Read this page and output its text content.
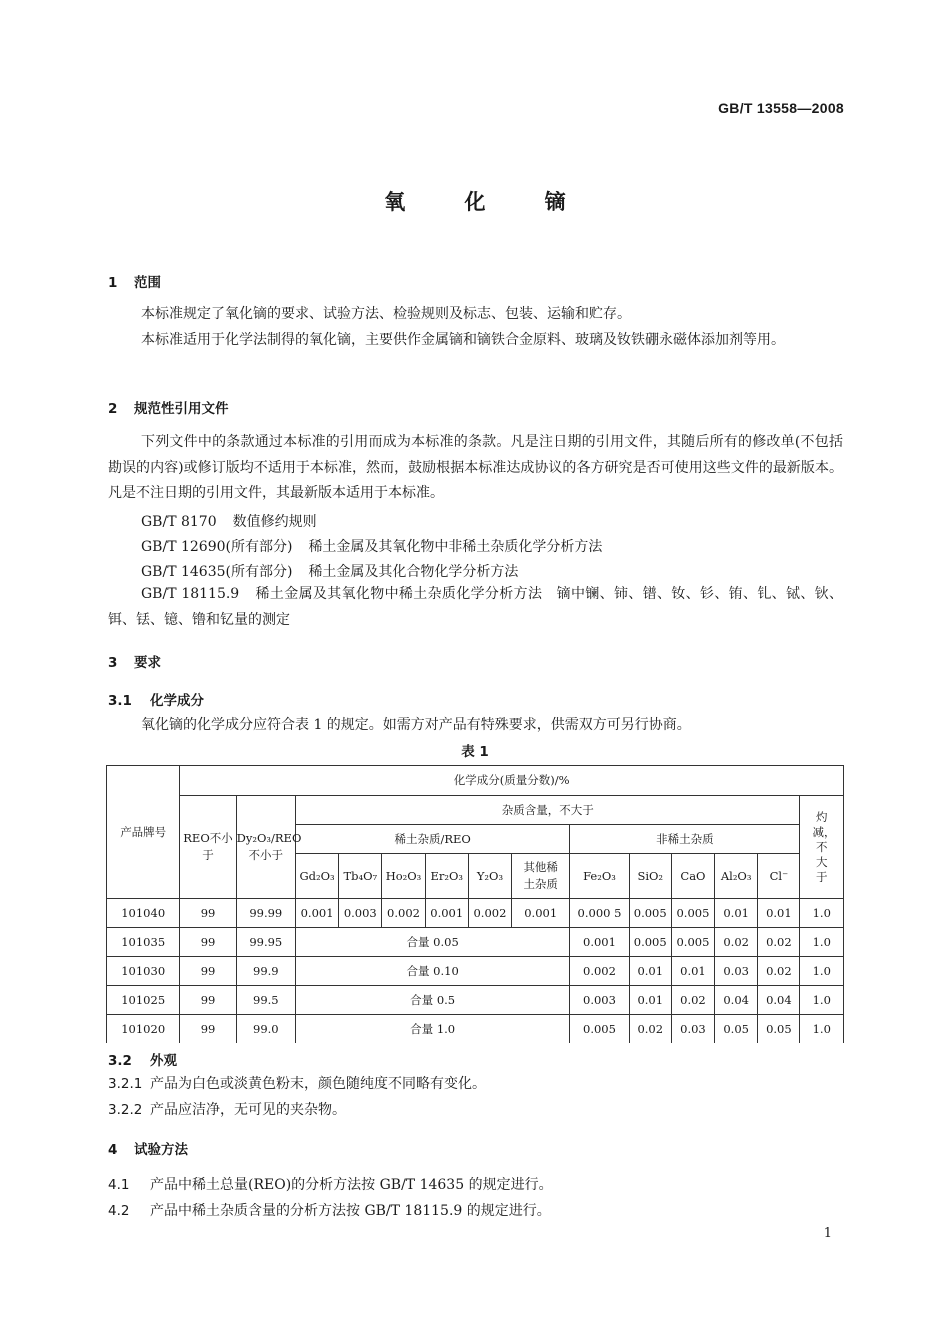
GB/T 13558—2008
氧 化 镝
1 范围
本标准规定了氧化镝的要求、试验方法、检验规则及标志、包装、运输和贮存。
本标准适用于化学法制得的氧化镝，主要供作金属镝和镝铁合金原料、玻璃及钕铁硼永磁体添加剂等用。
2 规范性引用文件
下列文件中的条款通过本标准的引用而成为本标准的条款。凡是注日期的引用文件，其随后所有的修改单(不包括勘误的内容)或修订版均不适用于本标准，然而，鼓励根据本标准达成协议的各方研究是否可使用这些文件的最新版本。凡是不注日期的引用文件，其最新版本适用于本标准。
GB/T 8170 数值修约规则
GB/T 12690(所有部分) 稀土金属及其氧化物中非稀土杂质化学分析方法
GB/T 14635(所有部分) 稀土金属及其化合物化学分析方法
GB/T 18115.9 稀土金属及其氧化物中稀土杂质化学分析方法　镝中镧、铈、镨、钕、钐、铕、钆、铽、钬、铒、铥、镱、镥和钇量的测定
3 要求
3.1 化学成分
氧化镝的化学成分应符合表 1 的规定。如需方对产品有特殊要求，供需双方可另行协商。
表 1
产品牌号	化学成分(质量分数)/%													
	REO不小于	Dy₂O₃/REO不小于	杂质含量，不大于											灼减，不大于
			稀土杂质/REO						非稀土杂质					
			Gd₂O₃	Tb₄O₇	Ho₂O₃	Er₂O₃	Y₂O₃	其他稀土杂质	Fe₂O₃	SiO₂	CaO	Al₂O₃	Cl⁻	
101040	99	99.99	0.001	0.003	0.002	0.001	0.002	0.001	0.000 5	0.005	0.005	0.01	0.01	1.0
101035	99	99.95	合量 0.05						0.001	0.005	0.005	0.02	0.02	1.0
101030	99	99.9	合量 0.10						0.002	0.01	0.01	0.03	0.02	1.0
101025	99	99.5	合量 0.5						0.003	0.01	0.02	0.04	0.04	1.0
101020	99	99.0	合量 1.0						0.005	0.02	0.03	0.05	0.05	1.0
3.2 外观
3.2.1 产品为白色或淡黄色粉末，颜色随纯度不同略有变化。
3.2.2 产品应洁净，无可见的夹杂物。
4 试验方法
4.1 产品中稀土总量(REO)的分析方法按 GB/T 14635 的规定进行。
4.2 产品中稀土杂质含量的分析方法按 GB/T 18115.9 的规定进行。
1
